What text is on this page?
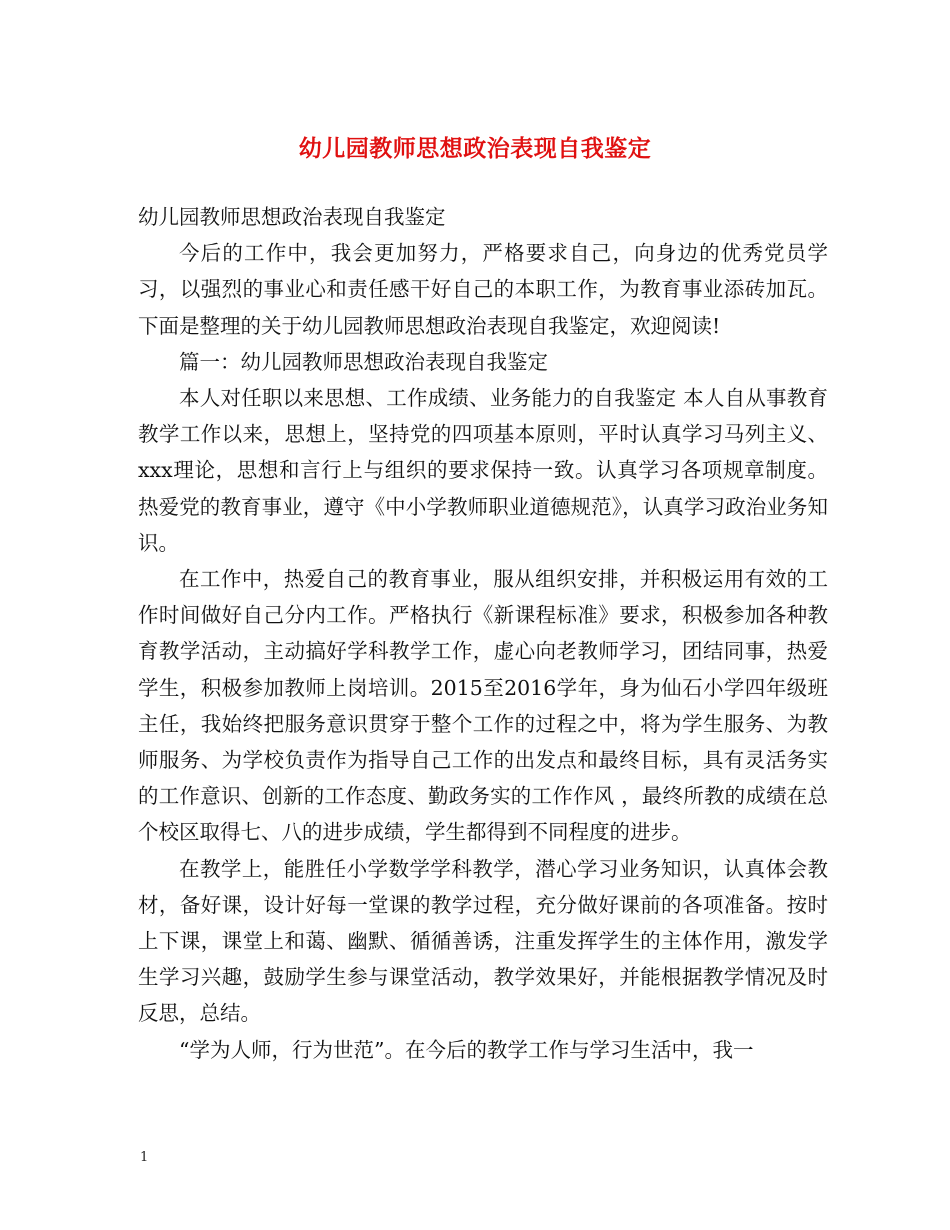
幼儿园教师思想政治表现自我鉴定

幼儿园教师思想政治表现自我鉴定

今后的工作中，我会更加努力，严格要求自己，向身边的优秀党员学习，以强烈的事业心和责任感干好自己的本职工作，为教育事业添砖加瓦。下面是整理的关于幼儿园教师思想政治表现自我鉴定，欢迎阅读!

篇一：幼儿园教师思想政治表现自我鉴定

本人对任职以来思想、工作成绩、业务能力的自我鉴定 本人自从事教育教学工作以来，思想上，坚持党的四项基本原则，平时认真学习马列主义、xxx理论，思想和言行上与组织的要求保持一致。认真学习各项规章制度。热爱党的教育事业，遵守《中小学教师职业道德规范》，认真学习政治业务知识。

在工作中，热爱自己的教育事业，服从组织安排，并积极运用有效的工作时间做好自己分内工作。严格执行《新课程标准》要求，积极参加各种教育教学活动，主动搞好学科教学工作，虚心向老教师学习，团结同事，热爱学生，积极参加教师上岗培训。2015至2016学年，身为仙石小学四年级班主任，我始终把服务意识贯穿于整个工作的过程之中，将为学生服务、为教师服务、为学校负责作为指导自己工作的出发点和最终目标，具有灵活务实的工作意识、创新的工作态度、勤政务实的工作作风 ，最终所教的成绩在总个校区取得七、八的进步成绩，学生都得到不同程度的进步。

在教学上，能胜任小学数学学科教学，潜心学习业务知识，认真体会教材，备好课，设计好每一堂课的教学过程，充分做好课前的各项准备。按时上下课，课堂上和蔼、幽默、循循善诱，注重发挥学生的主体作用，激发学生学习兴趣，鼓励学生参与课堂活动，教学效果好，并能根据教学情况及时反思，总结。

“学为人师，行为世范”。在今后的教学工作与学习生活中，我一

1
